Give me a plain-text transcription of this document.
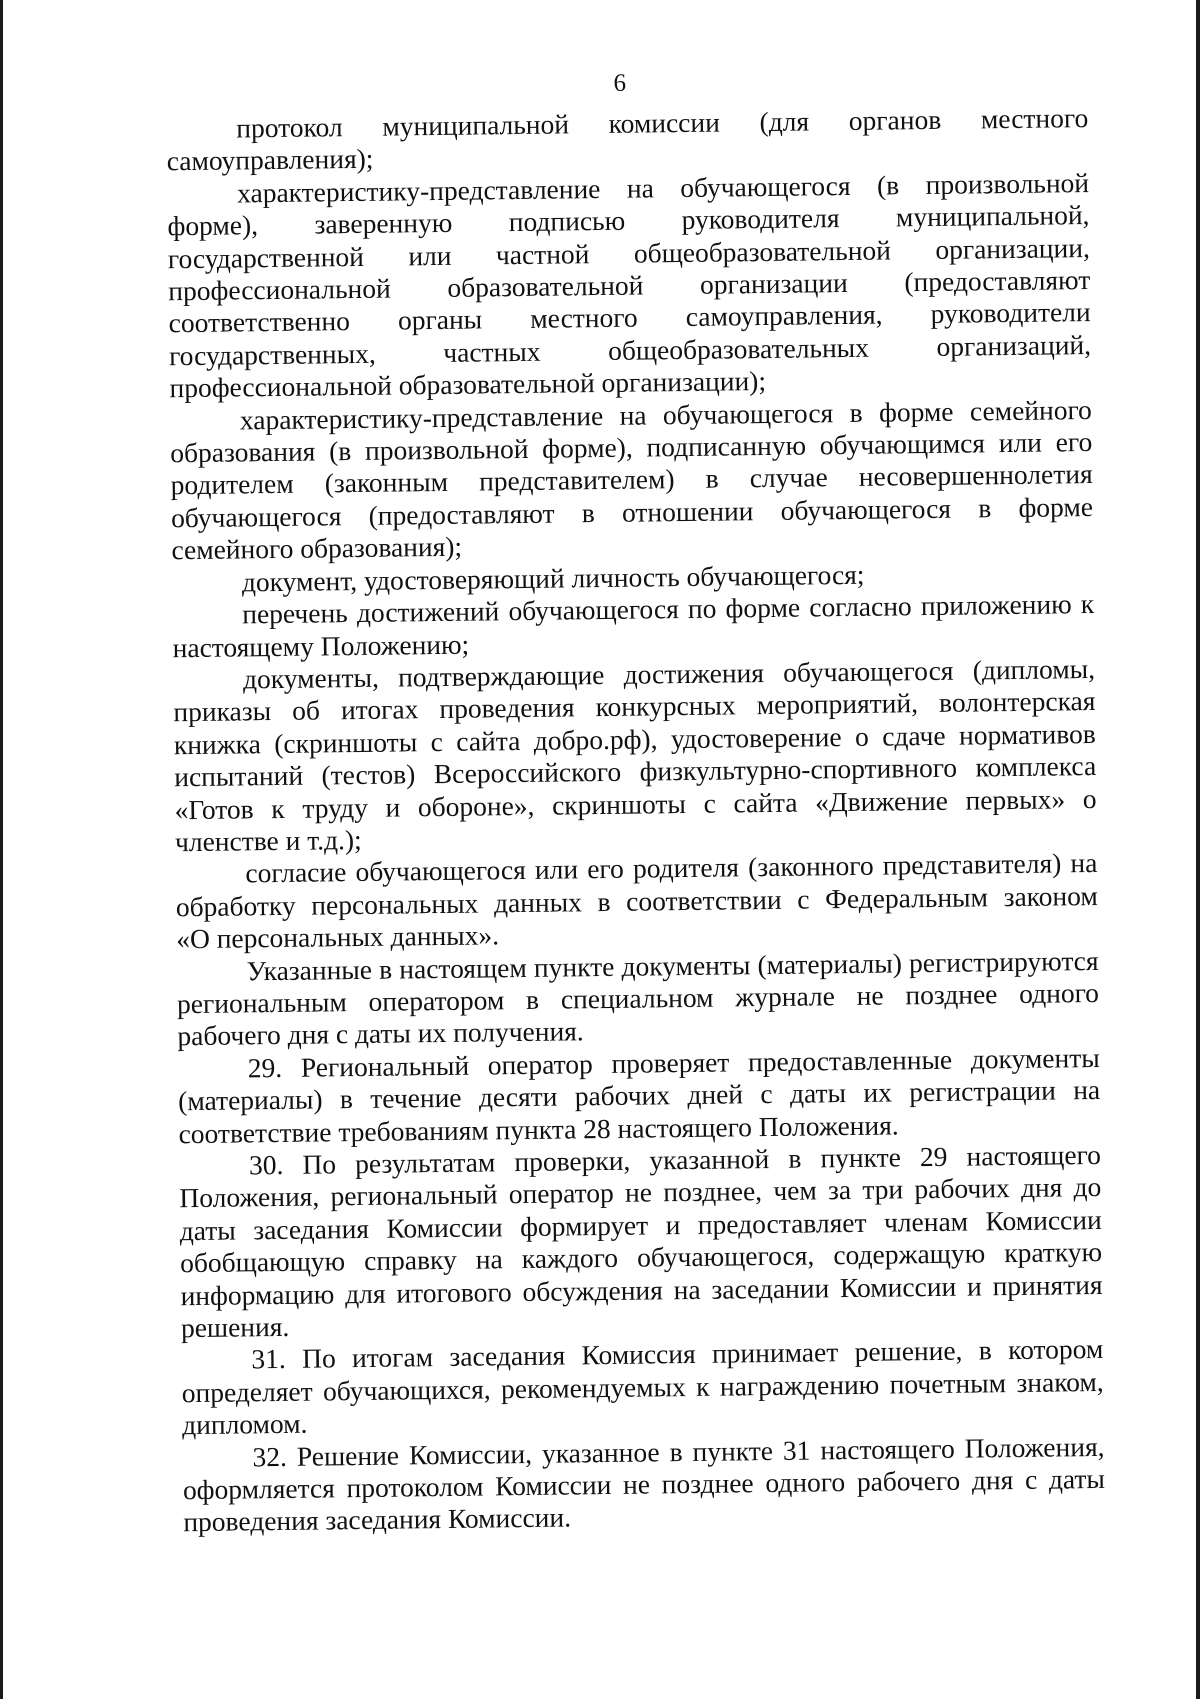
6

протокол муниципальной комиссии (для органов местного самоуправления);

характеристику-представление на обучающегося (в произвольной форме), заверенную подписью руководителя муниципальной, государственной или частной общеобразовательной организации, профессиональной образовательной организации (предоставляют соответственно органы местного самоуправления, руководители государственных, частных общеобразовательных организаций, профессиональной образовательной организации);

характеристику-представление на обучающегося в форме семейного образования (в произвольной форме), подписанную обучающимся или его родителем (законным представителем) в случае несовершеннолетия обучающегося (предоставляют в отношении обучающегося в форме семейного образования);

документ, удостоверяющий личность обучающегося;

перечень достижений обучающегося по форме согласно приложению к настоящему Положению;

документы, подтверждающие достижения обучающегося (дипломы, приказы об итогах проведения конкурсных мероприятий, волонтерская книжка (скриншоты с сайта добро.рф), удостоверение о сдаче нормативов испытаний (тестов) Всероссийского физкультурно-спортивного комплекса «Готов к труду и обороне», скриншоты с сайта «Движение первых» о членстве и т.д.);

согласие обучающегося или его родителя (законного представителя) на обработку персональных данных в соответствии с Федеральным законом

«О персональных данных».

Указанные в настоящем пункте документы (материалы) регистрируются региональным оператором в специальном журнале не позднее одного рабочего дня с даты их получения.

29. Региональный оператор проверяет предоставленные документы (материалы) в течение десяти рабочих дней с даты их регистрации на соответствие требованиям пункта 28 настоящего Положения.

30. По результатам проверки, указанной в пункте 29 настоящего Положения, региональный оператор не позднее, чем за три рабочих дня до даты заседания Комиссии формирует и предоставляет членам Комиссии обобщающую справку на каждого обучающегося, содержащую краткую информацию для итогового обсуждения на заседании Комиссии и принятия решения.

31. По итогам заседания Комиссия принимает решение, в котором определяет обучающихся, рекомендуемых к награждению почетным знаком, дипломом.

32. Решение Комиссии, указанное в пункте 31 настоящего Положения, оформляется протоколом Комиссии не позднее одного рабочего дня с даты проведения заседания Комиссии.
